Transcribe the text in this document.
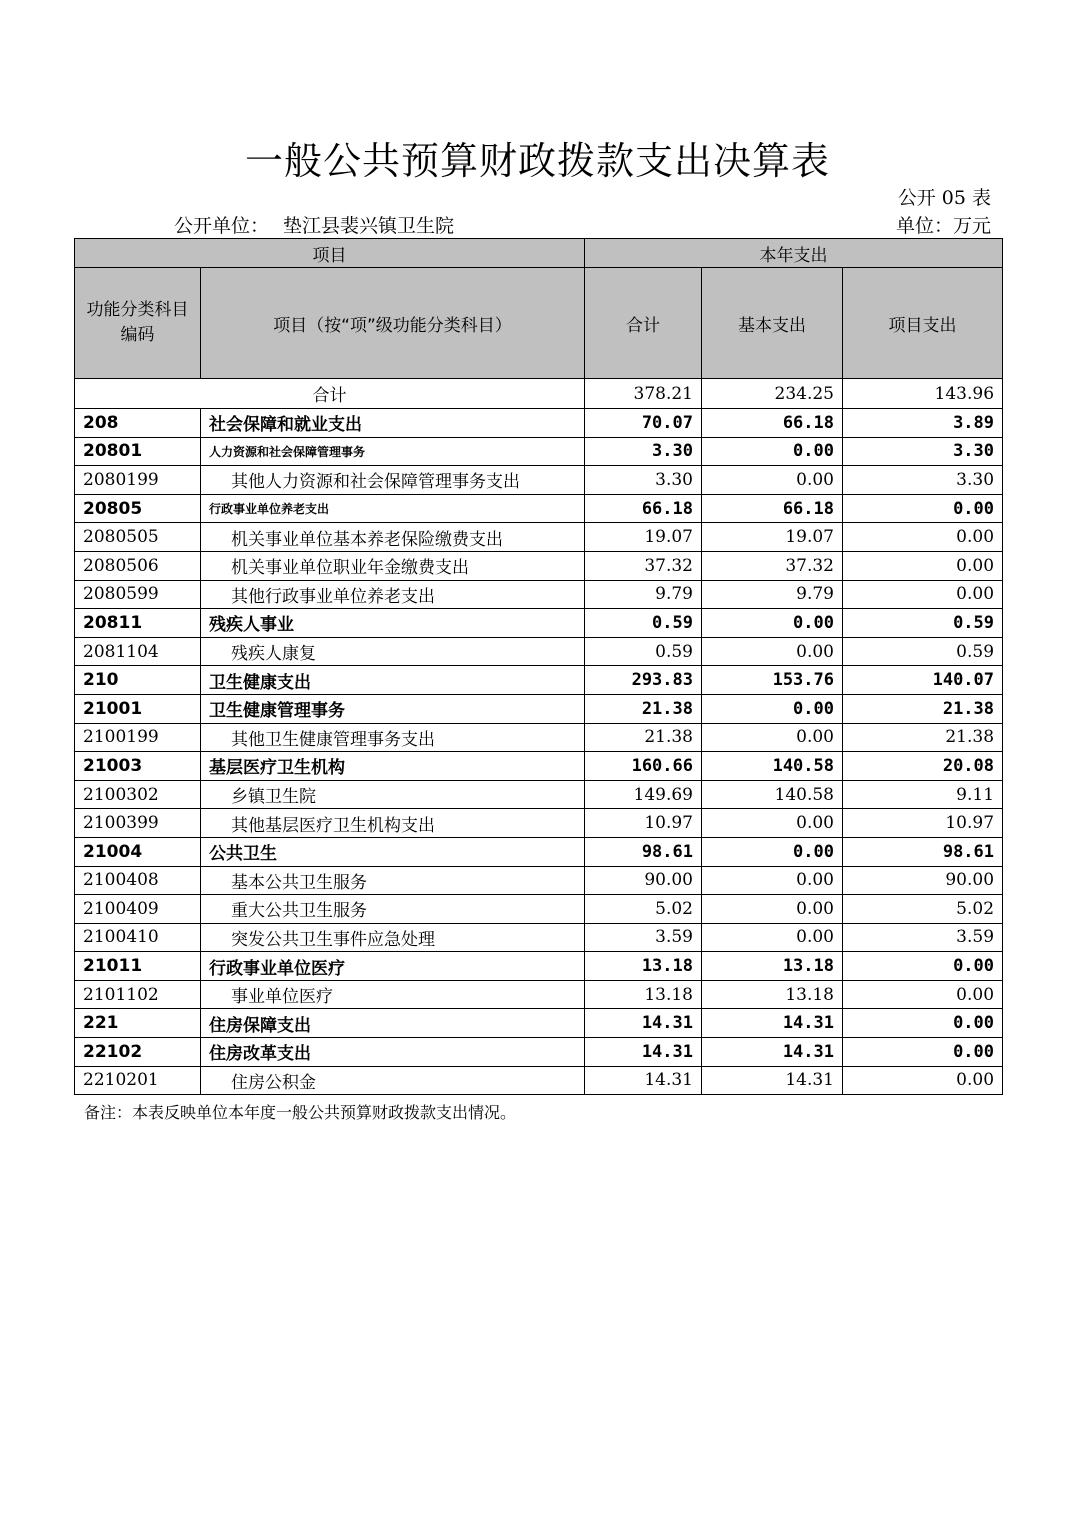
一般公共预算财政拨款支出决算表
公开 05 表
公开单位： 垫江县裴兴镇卫生院	单位：万元
项目		本年支出		

功能分类科目编码	项目（按“项”级功能分类科目）	合计	基本支出	项目支出
合计		378.21	234.25	143.96
208	社会保障和就业支出	70.07	66.18	3.89
20801	人力资源和社会保障管理事务	3.30	0.00	3.30
2080199	其他人力资源和社会保障管理事务支出	3.30	0.00	3.30
20805	行政事业单位养老支出	66.18	66.18	0.00
2080505	机关事业单位基本养老保险缴费支出	19.07	19.07	0.00
2080506	机关事业单位职业年金缴费支出	37.32	37.32	0.00
2080599	其他行政事业单位养老支出	9.79	9.79	0.00
20811	残疾人事业	0.59	0.00	0.59
2081104	残疾人康复	0.59	0.00	0.59
210	卫生健康支出	293.83	153.76	140.07
21001	卫生健康管理事务	21.38	0.00	21.38
2100199	其他卫生健康管理事务支出	21.38	0.00	21.38
21003	基层医疗卫生机构	160.66	140.58	20.08
2100302	乡镇卫生院	149.69	140.58	9.11
2100399	其他基层医疗卫生机构支出	10.97	0.00	10.97
21004	公共卫生	98.61	0.00	98.61
2100408	基本公共卫生服务	90.00	0.00	90.00
2100409	重大公共卫生服务	5.02	0.00	5.02
2100410	突发公共卫生事件应急处理	3.59	0.00	3.59
21011	行政事业单位医疗	13.18	13.18	0.00
2101102	事业单位医疗	13.18	13.18	0.00
221	住房保障支出	14.31	14.31	0.00
22102	住房改革支出	14.31	14.31	0.00
2210201	住房公积金	14.31	14.31	0.00
备注：本表反映单位本年度一般公共预算财政拨款支出情况。
